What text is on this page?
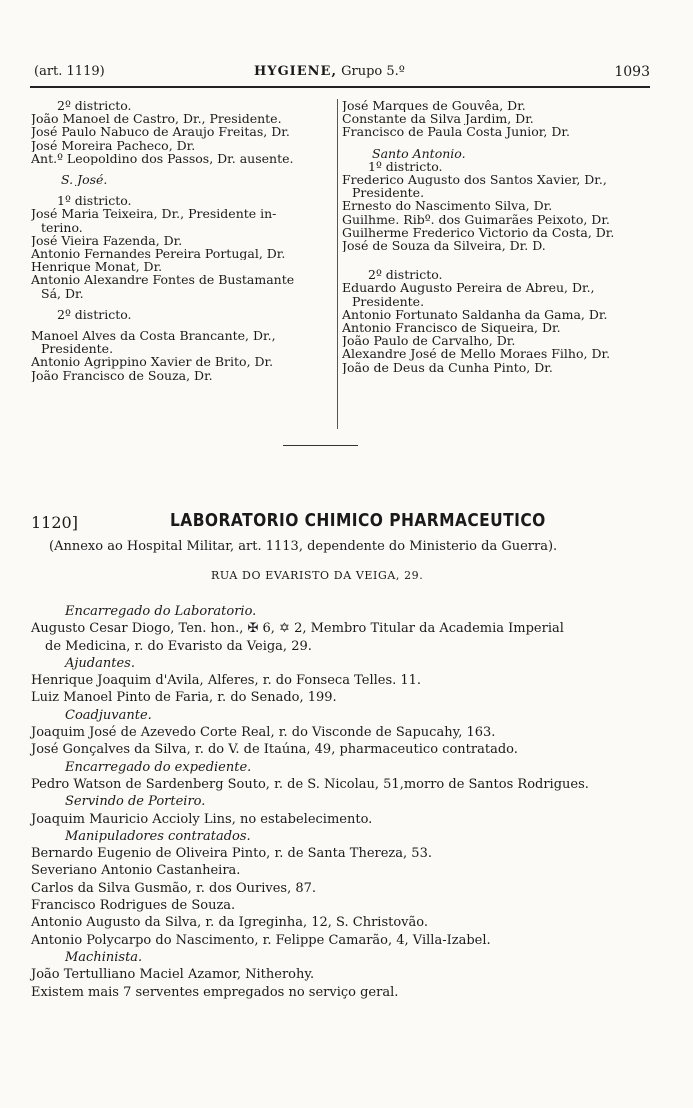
(art. 1119)	HYGIENE, Grupo 5.º	1093
2º districto.
João Manoel de Castro, Dr., Presidente.
José Paulo Nabuco de Araujo Freitas, Dr.
José Moreira Pacheco, Dr.
Ant.º Leopoldino dos Passos, Dr. ausente.
S. José.
1º districto.
José Maria Teixeira, Dr., Presidente in-
terino.
José Vieira Fazenda, Dr.
Antonio Fernandes Pereira Portugal, Dr.
Henrique Monat, Dr.
Antonio Alexandre Fontes de Bustamante
Sá, Dr.
2º districto.
Manoel Alves da Costa Brancante, Dr.,
Presidente.
Antonio Agrippino Xavier de Brito, Dr.
João Francisco de Souza, Dr.
José Marques de Gouvêa, Dr.
Constante da Silva Jardim, Dr.
Francisco de Paula Costa Junior, Dr.
Santo Antonio.
1º districto.
Frederico Augusto dos Santos Xavier, Dr.,
Presidente.
Ernesto do Nascimento Silva, Dr.
Guilhme. Ribº. dos Guimarães Peixoto, Dr.
Guilherme Frederico Victorio da Costa, Dr.
José de Souza da Silveira, Dr. D.
2º districto.
Eduardo Augusto Pereira de Abreu, Dr.,
Presidente.
Antonio Fortunato Saldanha da Gama, Dr.
Antonio Francisco de Siqueira, Dr.
João Paulo de Carvalho, Dr.
Alexandre José de Mello Moraes Filho, Dr.
João de Deus da Cunha Pinto, Dr.
1120]	LABORATORIO CHIMICO PHARMACEUTICO
(Annexo ao Hospital Militar, art. 1113, dependente do Ministerio da Guerra).
RUA DO EVARISTO DA VEIGA, 29.
Encarregado do Laboratorio.
Augusto Cesar Diogo, Ten. hon., ✠ 6, ✡ 2, Membro Titular da Academia Imperial
de Medicina, r. do Evaristo da Veiga, 29.
Ajudantes.
Henrique Joaquim d'Avila, Alferes, r. do Fonseca Telles. 11.
Luiz Manoel Pinto de Faria, r. do Senado, 199.
Coadjuvante.
Joaquim José de Azevedo Corte Real, r. do Visconde de Sapucahy, 163.
José Gonçalves da Silva, r. do V. de Itaúna, 49, pharmaceutico contratado.
Encarregado do expediente.
Pedro Watson de Sardenberg Souto, r. de S. Nicolau, 51,morro de Santos Rodrigues.
Servindo de Porteiro.
Joaquim Mauricio Accioly Lins, no estabelecimento.
Manipuladores contratados.
Bernardo Eugenio de Oliveira Pinto, r. de Santa Thereza, 53.
Severiano Antonio Castanheira.
Carlos da Silva Gusmão, r. dos Ourives, 87.
Francisco Rodrigues de Souza.
Antonio Augusto da Silva, r. da Igreginha, 12, S. Christovão.
Antonio Polycarpo do Nascimento, r. Felippe Camarão, 4, Villa-Izabel.
Machinista.
João Tertulliano Maciel Azamor, Nitherohy.
Existem mais 7 serventes empregados no serviço geral.
